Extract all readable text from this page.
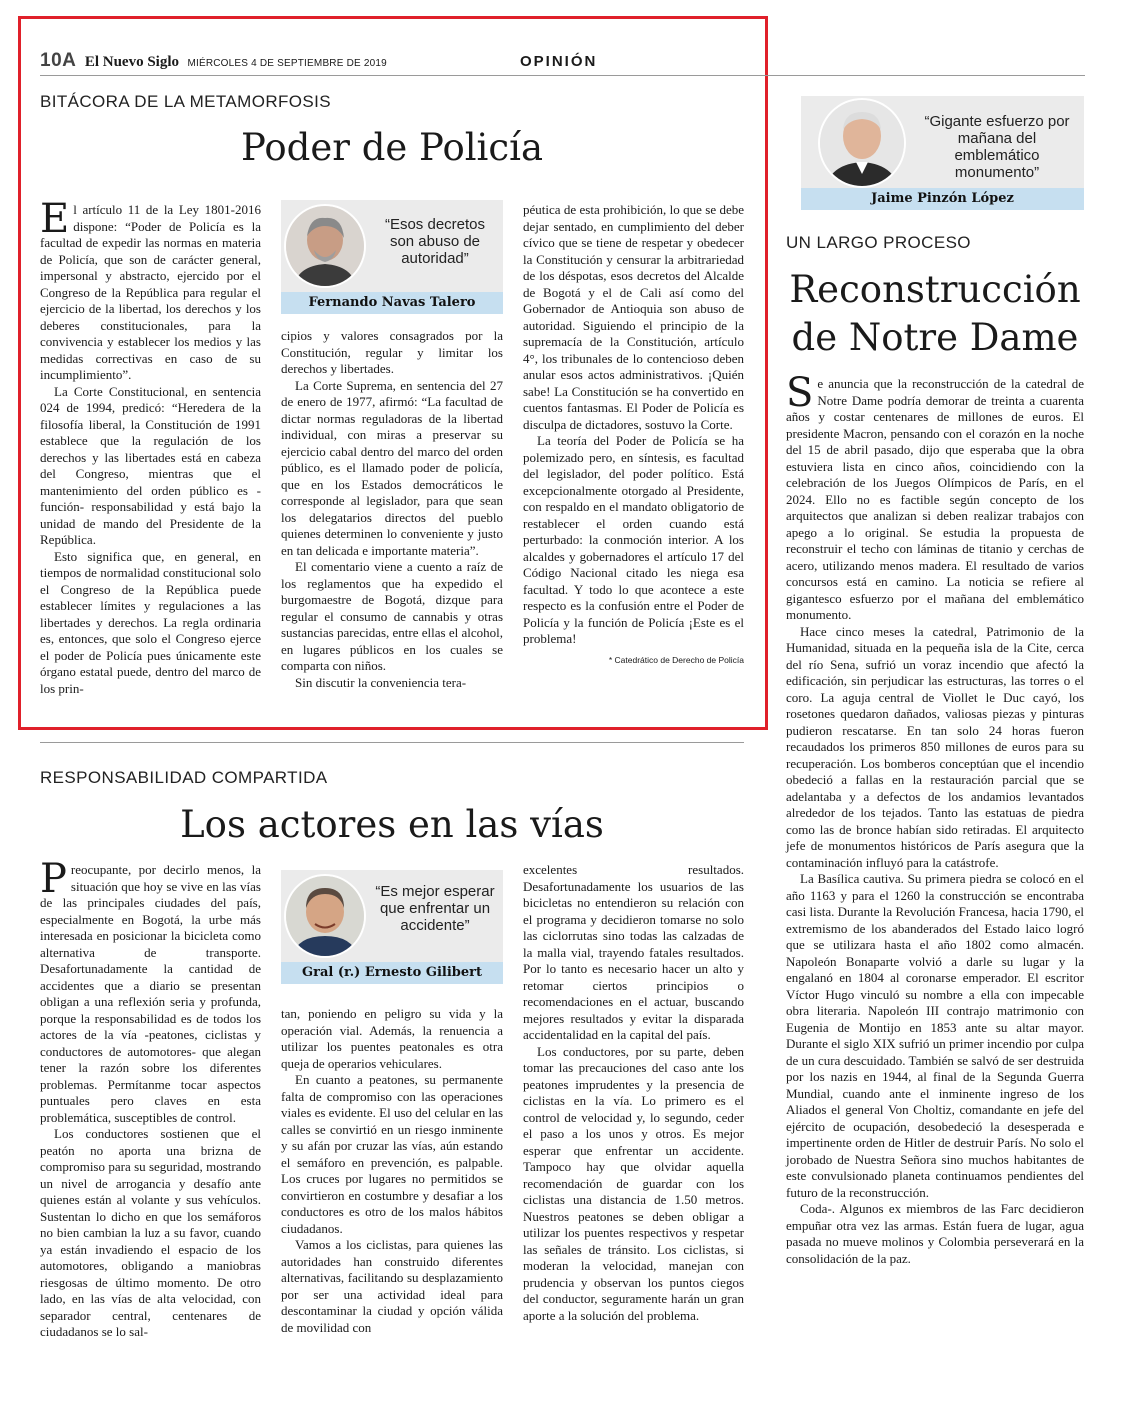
10A El Nuevo Siglo MIÉRCOLES 4 DE SEPTIEMBRE DE 2019	OPINIÓN
BITÁCORA DE LA METAMORFOSIS
Poder de Policía

El artículo 11 de la Ley 1801-2016 dispone: “Poder de Policía es la facultad de expedir las normas en materia de Policía, que son de carácter general, impersonal y abstracto, ejercido por el Congreso de la República para regular el ejercicio de la libertad, los derechos y los deberes constitucionales, para la convivencia y establecer los medios y las medidas correctivas en caso de su incumplimiento”.

La Corte Constitucional, en sentencia 024 de 1994, predicó: “Heredera de la filosofía liberal, la Constitución de 1991 establece que la regulación de los derechos y las libertades está en cabeza del Congreso, mientras que el mantenimiento del orden público es -función- responsabilidad y está bajo la unidad de mando del Presidente de la República.

Esto significa que, en general, en tiempos de normalidad constitucional solo el Congreso de la República puede establecer límites y regulaciones a las libertades y derechos. La regla ordinaria es, entonces, que solo el Congreso ejerce el poder de Policía pues únicamente este órgano estatal puede, dentro del marco de los prin-

“Esos decretos son abuso de autoridad”
Fernando Navas Talero

cipios y valores consagrados por la Constitución, regular y limitar los derechos y libertades.

La Corte Suprema, en sentencia del 27 de enero de 1977, afirmó: “La facultad de dictar normas reguladoras de la libertad individual, con miras a preservar su ejercicio cabal dentro del marco del orden público, es el llamado poder de policía, que en los Estados democráticos le corresponde al legislador, para que sean los delegatarios directos del pueblo quienes determinen lo conveniente y justo en tan delicada e importante materia”.

El comentario viene a cuento a raíz de los reglamentos que ha expedido el burgomaestre de Bogotá, dizque para regular el consumo de cannabis y otras sustancias parecidas, entre ellas el alcohol, en lugares públicos en los cuales se comparta con niños.

Sin discutir la conveniencia tera-

péutica de esta prohibición, lo que se debe dejar sentado, en cumplimiento del deber cívico que se tiene de respetar y obedecer la Constitución y censurar la arbitrariedad de los déspotas, esos decretos del Alcalde de Bogotá y el de Cali así como del Gobernador de Antioquia son abuso de autoridad. Siguiendo el principio de la supremacía de la Constitución, artículo 4°, los tribunales de lo contencioso deben anular esos actos administrativos. ¡Quién sabe! La Constitución se ha convertido en cuentos fantasmas. El Poder de Policía es disculpa de dictadores, sostuvo la Corte.

La teoría del Poder de Policía se ha polemizado pero, en síntesis, es facultad del legislador, del poder político. Está excepcionalmente otorgado al Presidente, con respaldo en el mandato obligatorio de restablecer el orden cuando está perturbado: la conmoción interior. A los alcaldes y gobernadores el artículo 17 del Código Nacional citado les niega esa facultad. Y todo lo que acontece a este respecto es la confusión entre el Poder de Policía y la función de Policía ¡Este es el problema!

* Catedrático de Derecho de Policía
RESPONSABILIDAD COMPARTIDA
Los actores en las vías

Preocupante, por decirlo menos, la situación que hoy se vive en las vías de las principales ciudades del país, especialmente en Bogotá, la urbe más interesada en posicionar la bicicleta como alternativa de transporte. Desafortunadamente la cantidad de accidentes que a diario se presentan obligan a una reflexión seria y profunda, porque la responsabilidad es de todos los actores de la vía -peatones, ciclistas y conductores de automotores- que alegan tener la razón sobre los diferentes problemas. Permítanme tocar aspectos puntuales pero claves en esta problemática, susceptibles de control.

Los conductores sostienen que el peatón no aporta una brizna de compromiso para su seguridad, mostrando un nivel de arrogancia y desafío ante quienes están al volante y sus vehículos. Sustentan lo dicho en que los semáforos no bien cambian la luz a su favor, cuando ya están invadiendo el espacio de los automotores, obligando a maniobras riesgosas de último momento. De otro lado, en las vías de alta velocidad, con separador central, centenares de ciudadanos se lo sal-

“Es mejor esperar que enfrentar un accidente”
Gral (r.) Ernesto Gilibert

tan, poniendo en peligro su vida y la operación vial. Además, la renuencia a utilizar los puentes peatonales es otra queja de operarios vehiculares.

En cuanto a peatones, su permanente falta de compromiso con las operaciones viales es evidente. El uso del celular en las calles se convirtió en un riesgo inminente y su afán por cruzar las vías, aún estando el semáforo en prevención, es palpable. Los cruces por lugares no permitidos se convirtieron en costumbre y desafiar a los conductores es otro de los malos hábitos ciudadanos.

Vamos a los ciclistas, para quienes las autoridades han construido diferentes alternativas, facilitando su desplazamiento por ser una actividad ideal para descontaminar la ciudad y opción válida de movilidad con

excelentes resultados. Desafortunadamente los usuarios de las bicicletas no entendieron su relación con el programa y decidieron tomarse no solo las ciclorrutas sino todas las calzadas de la malla vial, trayendo fatales resultados. Por lo tanto es necesario hacer un alto y retomar ciertos principios o recomendaciones en el actuar, buscando mejores resultados y evitar la disparada accidentalidad en la capital del país.

Los conductores, por su parte, deben tomar las precauciones del caso ante los peatones imprudentes y la presencia de ciclistas en la vía. Lo primero es el control de velocidad y, lo segundo, ceder el paso a los unos y otros. Es mejor esperar que enfrentar un accidente. Tampoco hay que olvidar aquella recomendación de guardar con los ciclistas una distancia de 1.50 metros. Nuestros peatones se deben obligar a utilizar los puentes respectivos y respetar las señales de tránsito. Los ciclistas, si moderan la velocidad, manejan con prudencia y observan los puntos ciegos del conductor, seguramente harán un gran aporte a la solución del problema.

“Gigante esfuerzo por mañana del emblemático monumento”
Jaime Pinzón López
UN LARGO PROCESO
Reconstrucción de Notre Dame

Se anuncia que la reconstrucción de la catedral de Notre Dame podría demorar de treinta a cuarenta años y costar centenares de millones de euros. El presidente Macron, pensando con el corazón en la noche del 15 de abril pasado, dijo que esperaba que la obra estuviera lista en cinco años, coincidiendo con la celebración de los Juegos Olímpicos de París, en el 2024. Ello no es factible según concepto de los arquitectos que analizan si deben realizar trabajos con apego a lo original. Se estudia la propuesta de reconstruir el techo con láminas de titanio y cerchas de acero, utilizando menos madera. El resultado de varios concursos está en camino. La noticia se refiere al gigantesco esfuerzo por el mañana del emblemático monumento.

Hace cinco meses la catedral, Patrimonio de la Humanidad, situada en la pequeña isla de la Cite, cerca del río Sena, sufrió un voraz incendio que afectó la edificación, sin perjudicar las estructuras, las torres o el coro. La aguja central de Viollet le Duc cayó, los rosetones quedaron dañados, valiosas piezas y pinturas pudieron rescatarse. En tan solo 24 horas fueron recaudados los primeros 850 millones de euros para su recuperación. Los bomberos conceptúan que el incendio obedeció a fallas en la restauración parcial que se adelantaba y a defectos de los andamios levantados alrededor de los tejados. Tanto las estatuas de piedra como las de bronce habían sido retiradas. El arquitecto jefe de monumentos históricos de París asegura que la contaminación influyó para la catástrofe.

La Basílica cautiva. Su primera piedra se colocó en el año 1163 y para el 1260 la construcción se encontraba casi lista. Durante la Revolución Francesa, hacia 1790, el extremismo de los abanderados del Estado laico logró que se utilizara hasta el año 1802 como almacén. Napoleón Bonaparte volvió a darle su lugar y la engalanó en 1804 al coronarse emperador. El escritor Víctor Hugo vinculó su nombre a ella con impecable obra literaria. Napoleón III contrajo matrimonio con Eugenia de Montijo en 1853 ante su altar mayor. Durante el siglo XIX sufrió un primer incendio por culpa de un cura descuidado. También se salvó de ser destruida por los nazis en 1944, al final de la Segunda Guerra Mundial, cuando ante el inminente ingreso de los Aliados el general Von Choltiz, comandante en jefe del ejército de ocupación, desobedeció la desesperada e impertinente orden de Hitler de destruir París. No solo el jorobado de Nuestra Señora sino muchos habitantes de este convulsionado planeta continuamos pendientes del futuro de la reconstrucción.

Coda-. Algunos ex miembros de las Farc decidieron empuñar otra vez las armas. Están fuera de lugar, agua pasada no mueve molinos y Colombia perseverará en la consolidación de la paz.
